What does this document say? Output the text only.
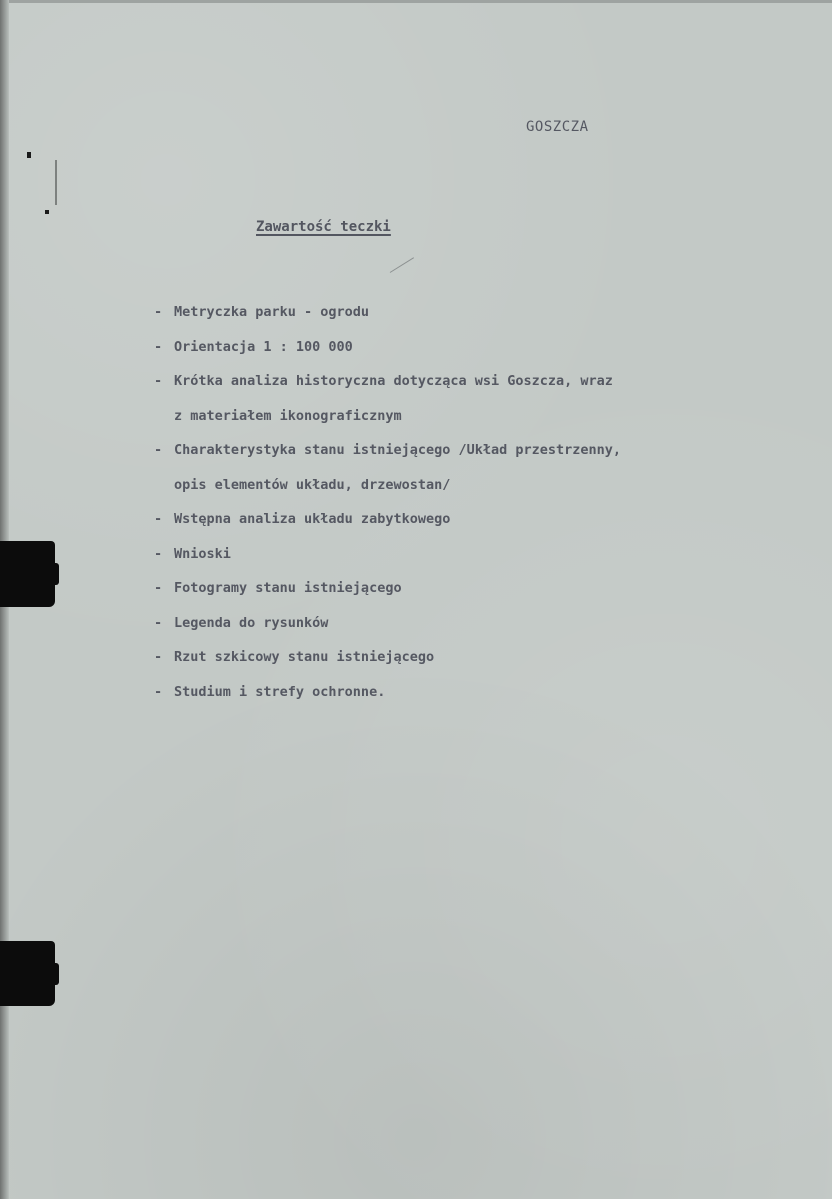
GOSZCZA
Zawartość teczki
- Metryczka parku - ogrodu
- Orientacja 1 : 100 000
- Krótka analiza historyczna dotycząca wsi Goszcza, wraz
z materiałem ikonograficznym
- Charakterystyka stanu istniejącego /Układ przestrzenny,
opis elementów układu, drzewostan/
- Wstępna analiza układu zabytkowego
- Wnioski
- Fotogramy stanu istniejącego
- Legenda do rysunków
- Rzut szkicowy stanu istniejącego
- Studium i strefy ochronne.
